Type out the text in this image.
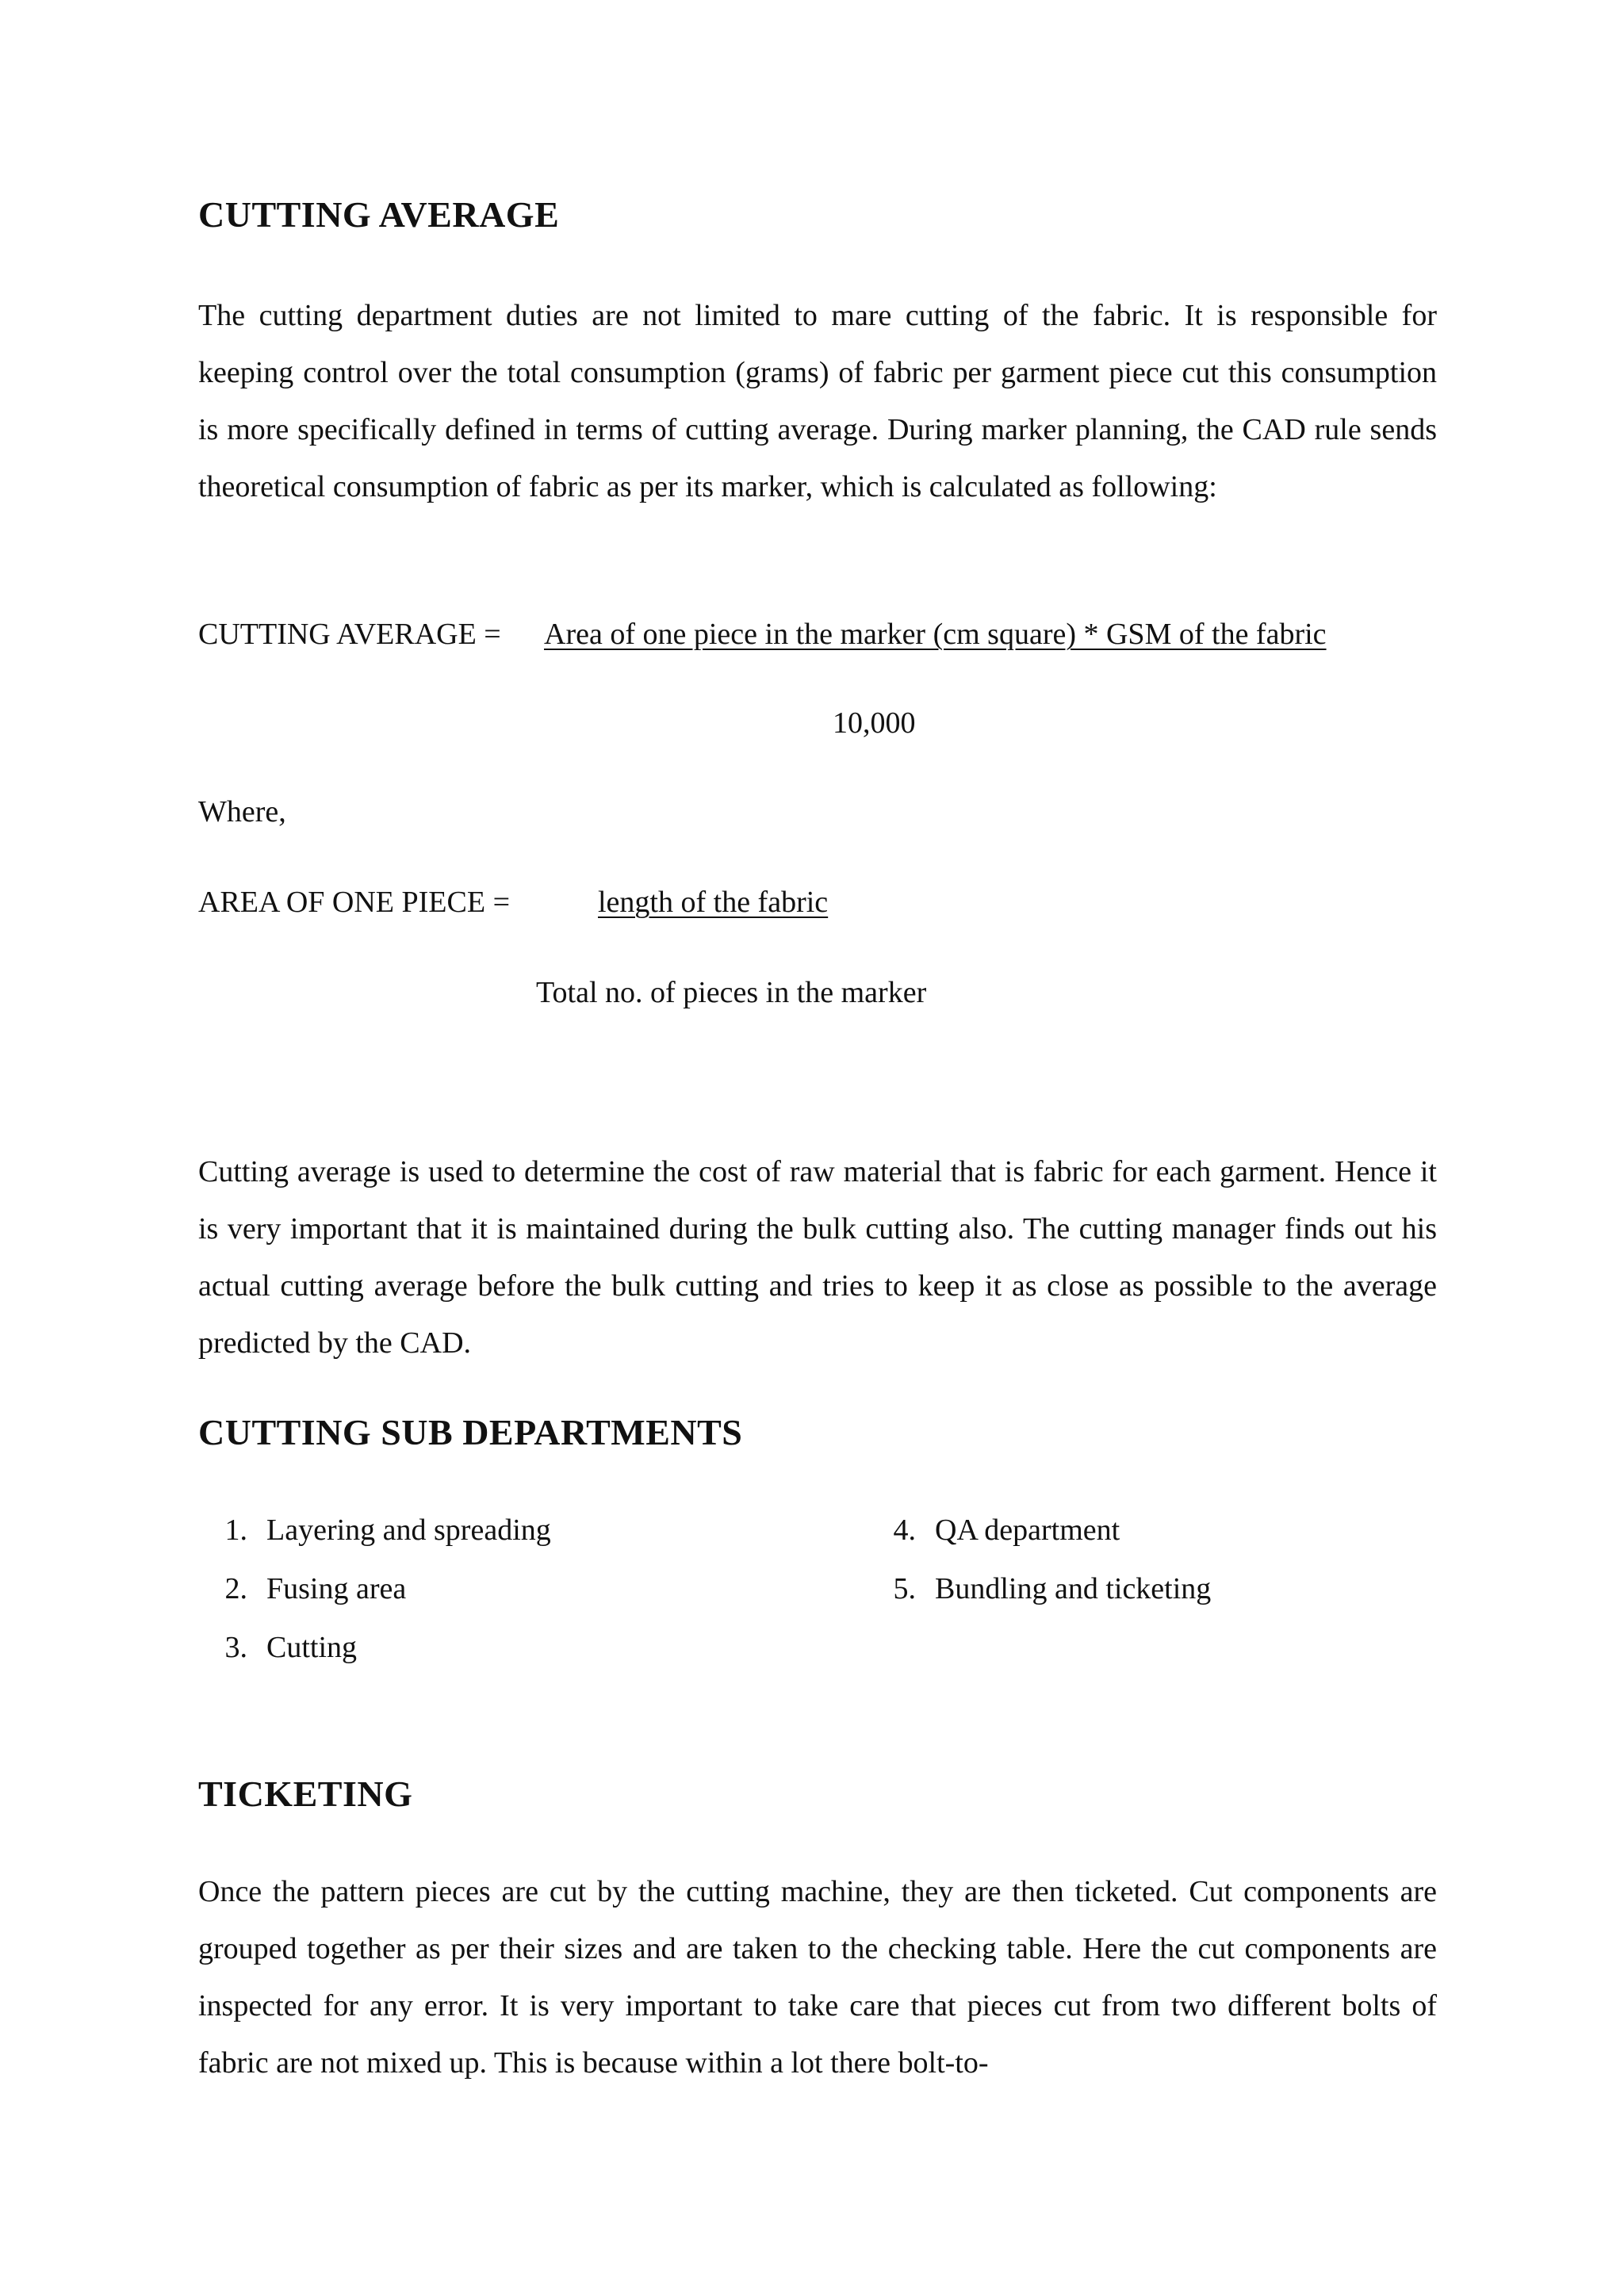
CUTTING AVERAGE

The cutting department duties are not limited to mare cutting of the fabric. It is responsible for keeping control over the total consumption (grams) of fabric per garment piece cut this consumption is more specifically defined in terms of cutting average. During marker planning, the CAD rule sends theoretical consumption of fabric as per its marker, which is calculated as following:

CUTTING AVERAGE = Area of one piece in the marker (cm square) * GSM of the fabric
10,000
Where,
AREA OF ONE PIECE =	length of the fabric
Total no. of pieces in the marker

Cutting average is used to determine the cost of raw material that is fabric for each garment. Hence it is very important that it is maintained during the bulk cutting also. The cutting manager finds out his actual cutting average before the bulk cutting and tries to keep it as close as possible to the average predicted by the CAD.

CUTTING SUB DEPARTMENTS
1. Layering and spreading
2. Fusing area
3. Cutting
4. QA department
5. Bundling and ticketing
TICKETING

Once the pattern pieces are cut by the cutting machine, they are then ticketed. Cut components are grouped together as per their sizes and are taken to the checking table. Here the cut components are inspected for any error. It is very important to take care that pieces cut from two different bolts of fabric are not mixed up. This is because within a lot there bolt-to-
